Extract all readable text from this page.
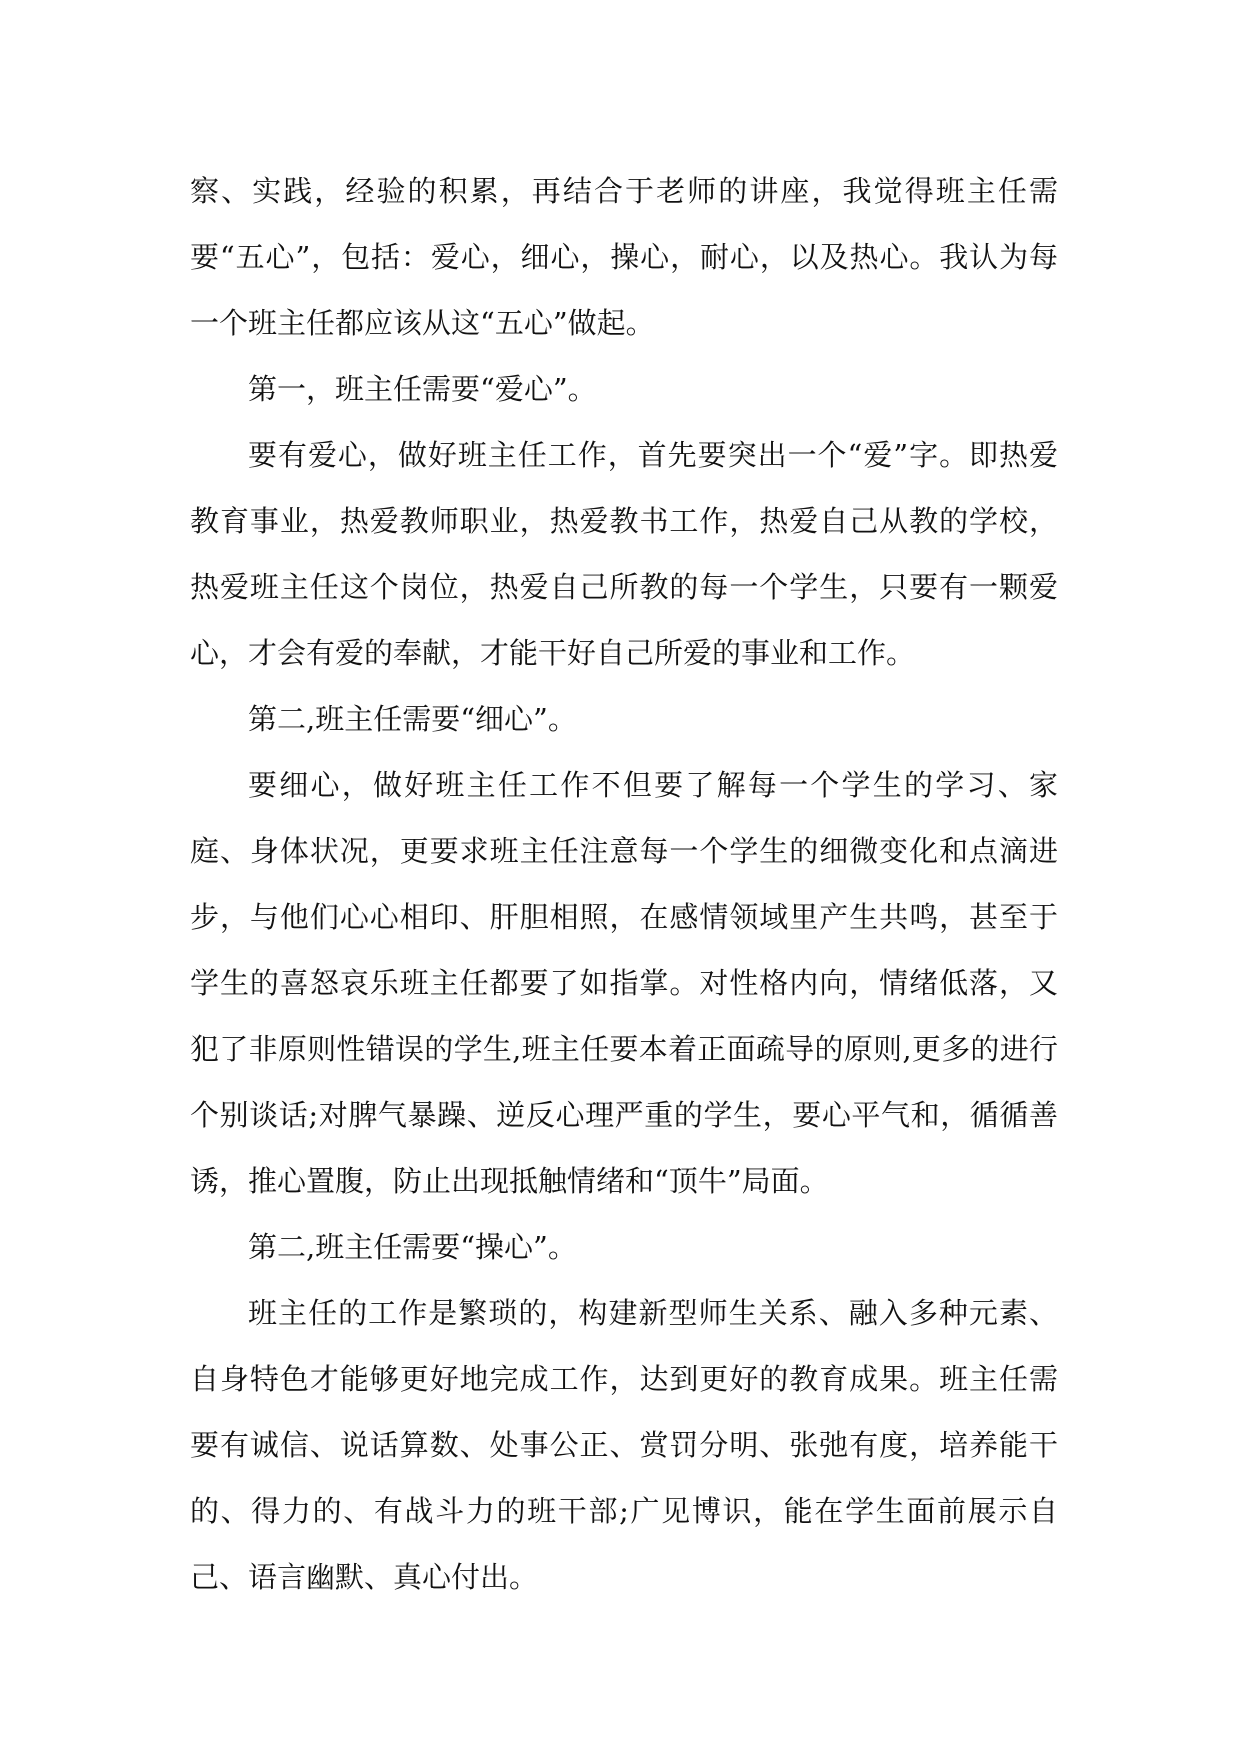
察、实践，经验的积累，再结合于老师的讲座，我觉得班主任需要“五心”，包括：爱心，细心，操心，耐心，以及热心。我认为每一个班主任都应该从这“五心”做起。

第一，班主任需要“爱心”。

要有爱心，做好班主任工作，首先要突出一个“爱”字。即热爱教育事业，热爱教师职业，热爱教书工作，热爱自己从教的学校，热爱班主任这个岗位，热爱自己所教的每一个学生，只要有一颗爱心，才会有爱的奉献，才能干好自己所爱的事业和工作。

第二,班主任需要“细心”。

要细心，做好班主任工作不但要了解每一个学生的学习、家庭、身体状况，更要求班主任注意每一个学生的细微变化和点滴进步，与他们心心相印、肝胆相照，在感情领域里产生共鸣，甚至于学生的喜怒哀乐班主任都要了如指掌。对性格内向，情绪低落，又犯了非原则性错误的学生,班主任要本着正面疏导的原则,更多的进行个别谈话;对脾气暴躁、逆反心理严重的学生，要心平气和，循循善诱，推心置腹，防止出现抵触情绪和“顶牛”局面。

第二,班主任需要“操心”。

班主任的工作是繁琐的，构建新型师生关系、融入多种元素、自身特色才能够更好地完成工作，达到更好的教育成果。班主任需要有诚信、说话算数、处事公正、赏罚分明、张弛有度，培养能干的、得力的、有战斗力的班干部;广见博识，能在学生面前展示自己、语言幽默、真心付出。
